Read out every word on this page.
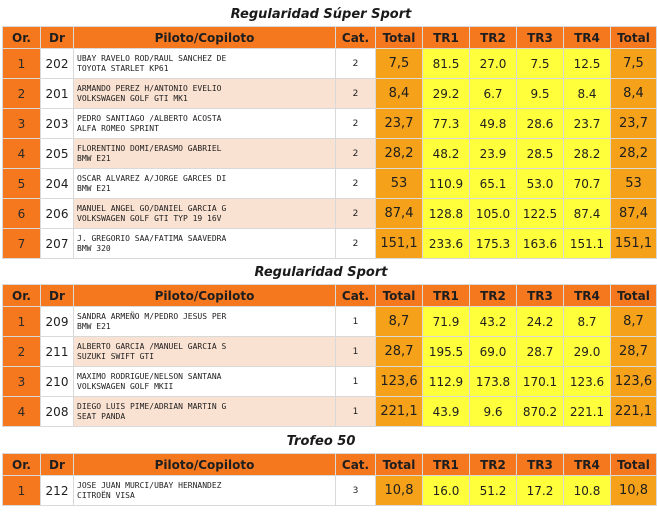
Regularidad Súper Sport
Or.	Dr	Piloto/Copiloto	Cat.	Total	TR1	TR2	TR3	TR4	Total
1	202	UBAY RAVELO ROD/RAUL SANCHEZ DE
TOYOTA STARLET KP61	2	7,5	81.5	27.0	7.5	12.5	7,5
2	201	ARMANDO PEREZ H/ANTONIO EVELIO
VOLKSWAGEN GOLF GTI MK1	2	8,4	29.2	6.7	9.5	8.4	8,4
3	203	PEDRO SANTIAGO /ALBERTO ACOSTA
ALFA ROMEO SPRINT	2	23,7	77.3	49.8	28.6	23.7	23,7
4	205	FLORENTINO DOMI/ERASMO GABRIEL
BMW E21	2	28,2	48.2	23.9	28.5	28.2	28,2
5	204	OSCAR ALVAREZ A/JORGE GARCES DI
BMW E21	2	53	110.9	65.1	53.0	70.7	53
6	206	MANUEL ANGEL GO/DANIEL GARCIA G
VOLKSWAGEN GOLF GTI TYP 19 16V	2	87,4	128.8	105.0	122.5	87.4	87,4
7	207	J. GREGORIO SAA/FATIMA SAAVEDRA
BMW 320	2	151,1	233.6	175.3	163.6	151.1	151,1
Regularidad Sport
Or.	Dr	Piloto/Copiloto	Cat.	Total	TR1	TR2	TR3	TR4	Total
1	209	SANDRA ARMEÑO M/PEDRO JESUS PER
BMW E21	1	8,7	71.9	43.2	24.2	8.7	8,7
2	211	ALBERTO GARCIA /MANUEL GARCIA S
SUZUKI SWIFT GTI	1	28,7	195.5	69.0	28.7	29.0	28,7
3	210	MAXIMO RODRIGUE/NELSON SANTANA
VOLKSWAGEN GOLF MKII	1	123,6	112.9	173.8	170.1	123.6	123,6
4	208	DIEGO LUIS PIME/ADRIAN MARTIN G
SEAT PANDA	1	221,1	43.9	9.6	870.2	221.1	221,1
Trofeo 50
Or.	Dr	Piloto/Copiloto	Cat.	Total	TR1	TR2	TR3	TR4	Total
1	212	JOSE JUAN MURCI/UBAY HERNANDEZ
CITROËN VISA	3	10,8	16.0	51.2	17.2	10.8	10,8
